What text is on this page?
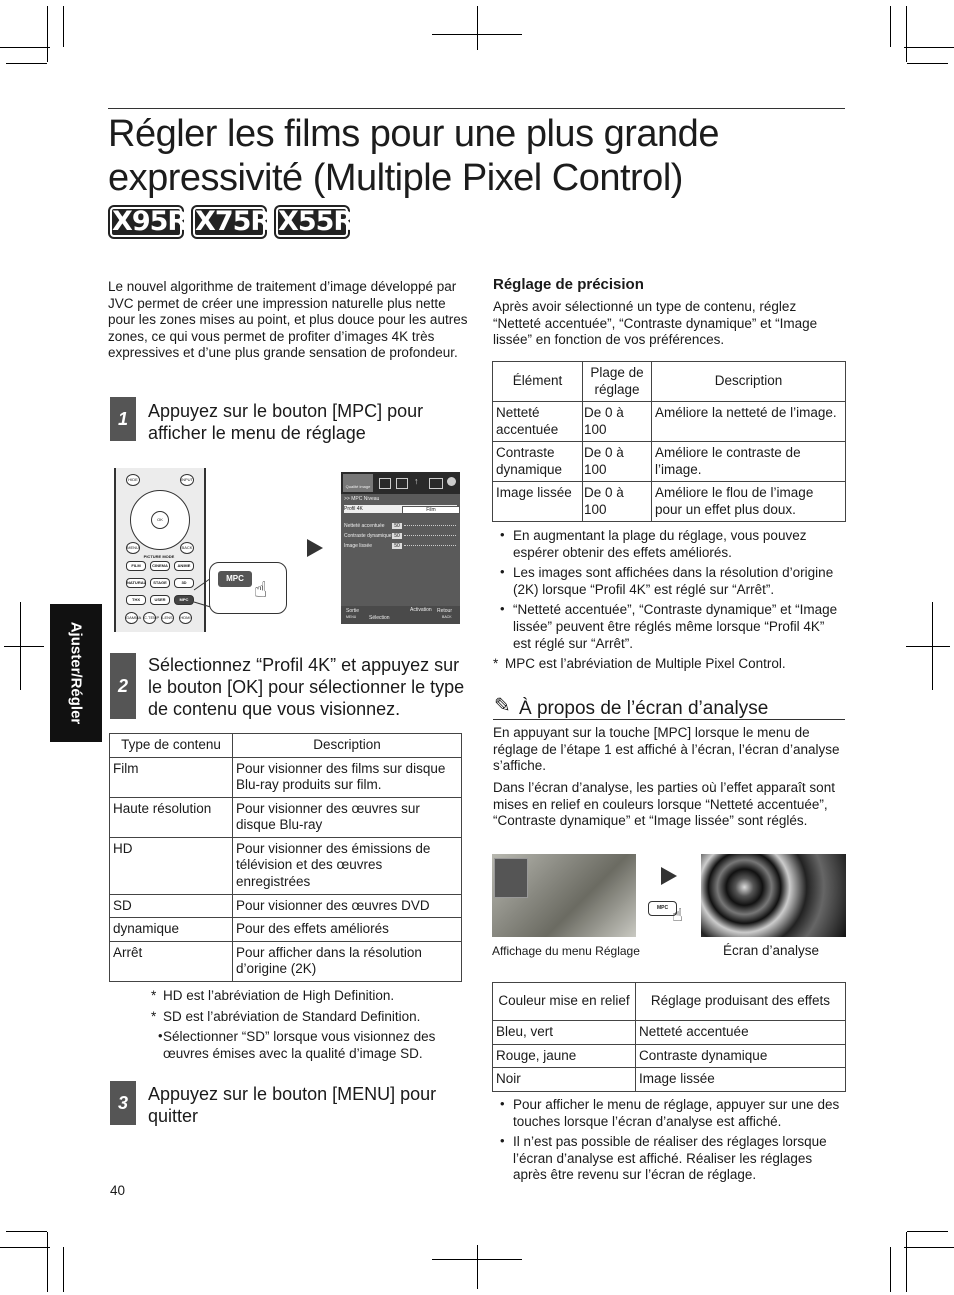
Régler les films pour une plus grande
expressivité (Multiple Pixel Control)
X95R X75R X55R
Ajuster/Régler
Le nouvel algorithme de traitement d’image développé par JVC permet de créer une impression naturelle plus nette pour les zones mises au point, et plus douce pour les autres zones, ce qui vous permet de profiter d’images 4K très expressives et d’une plus grande sensation de profondeur.
1	Appuyez sur le bouton [MPC] pour afficher le menu de réglage
HIDE	INPUT
OK
MENU	BACK
PICTURE MODE
FILM	CINEMA	ANIME
NATURAL	STAGE	3D
THX	USER	MPC
GAMMA C.TEMP LENS	HDMI
MPC ☝
Qualité image
↑
>> MPC Niveau
Profil 4K	Film
Netteté accentuée	50
Contraste dynamique 50
Image lissée	50
Sortie
MENU	Sélection
Activation Retour
BACK
2
Sélectionnez “Profil 4K” et appuyez sur le bouton [OK] pour sélectionner le type de contenu que vous visionnez.
Type de contenu	Description
Film	Pour visionner des films sur disque Blu-ray produits sur film.
Haute résolution	Pour visionner des œuvres sur disque Blu-ray
HD	Pour visionner des émissions de télévision et des œuvres enregistrées
SD	Pour visionner des œuvres DVD
dynamique	Pour des effets améliorés
Arrêt	Pour afficher dans la résolution d’origine (2K)
* HD est l’abréviation de High Definition.
* SD est l’abréviation de Standard Definition.
• Sélectionner “SD” lorsque vous visionnez des œuvres émises avec la qualité d’image SD.
3	Appuyez sur le bouton [MENU] pour quitter
40
Réglage de précision
Après avoir sélectionné un type de contenu, réglez “Netteté accentuée”, “Contraste dynamique” et “Image lissée” en fonction de vos préférences.
Élément	Plage de réglage	Description
Netteté accentuée	De 0 à 100	Améliore la netteté de l’image.
Contraste dynamique	De 0 à 100	Améliore le contraste de l’image.
Image lissée	De 0 à 100	Améliore le flou de l’image pour un effet plus doux.
• En augmentant la plage du réglage, vous pouvez espérer obtenir des effets améliorés.
• Les images sont affichées dans la résolution d’origine (2K) lorsque “Profil 4K” est réglé sur “Arrêt”.
• “Netteté accentuée”, “Contraste dynamique” et “Image lissée” peuvent être réglés même lorsque “Profil 4K” est réglé sur “Arrêt”.
* MPC est l’abréviation de Multiple Pixel Control.
✎ À propos de l’écran d’analyse
En appuyant sur la touche [MPC] lorsque le menu de réglage de l’étape 1 est affiché à l’écran, l’écran d’analyse s’affiche.
Dans l’écran d’analyse, les parties où l’effet apparaît sont mises en relief en couleurs lorsque “Netteté accentuée”, “Contraste dynamique” et “Image lissée” sont réglés.
MPC ☝
Affichage du menu Réglage	Écran d’analyse
Couleur mise en relief	Réglage produisant des effets
Bleu, vert	Netteté accentuée
Rouge, jaune	Contraste dynamique
Noir	Image lissée
• Pour afficher le menu de réglage, appuyer sur une des touches lorsque l’écran d’analyse est affiché.
• Il n’est pas possible de réaliser des réglages lorsque l’écran d’analyse est affiché. Réaliser les réglages après être revenu sur l’écran de réglage.
